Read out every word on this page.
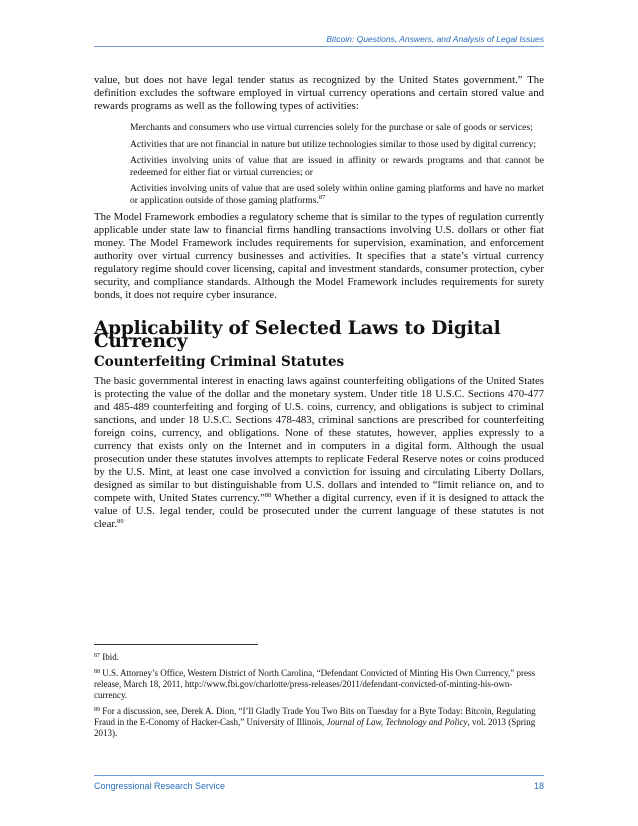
Bitcoin: Questions, Answers, and Analysis of Legal Issues

value, but does not have legal tender status as recognized by the United States government.” The definition excludes the software employed in virtual currency operations and certain stored value and rewards programs as well as the following types of activities:

Merchants and consumers who use virtual currencies solely for the purchase or sale of goods or services;
Activities that are not financial in nature but utilize technologies similar to those used by digital currency;
Activities involving units of value that are issued in affinity or rewards programs and that cannot be redeemed for either fiat or virtual currencies; or
Activities involving units of value that are used solely within online gaming platforms and have no market or application outside of those gaming platforms.$^{87}$

The Model Framework embodies a regulatory scheme that is similar to the types of regulation currently applicable under state law to financial firms handling transactions involving U.S. dollars or other fiat money. The Model Framework includes requirements for supervision, examination, and enforcement authority over virtual currency businesses and activities. It specifies that a state’s virtual currency regulatory regime should cover licensing, capital and investment standards, consumer protection, cyber security, and compliance standards. Although the Model Framework includes requirements for surety bonds, it does not require cyber insurance.

Applicability of Selected Laws to Digital Currency
Counterfeiting Criminal Statutes

The basic governmental interest in enacting laws against counterfeiting obligations of the United States is protecting the value of the dollar and the monetary system. Under title 18 U.S.C. Sections 470-477 and 485-489 counterfeiting and forging of U.S. coins, currency, and obligations is subject to criminal sanctions, and under 18 U.S.C. Sections 478-483, criminal sanctions are prescribed for counterfeiting foreign coins, currency, and obligations. None of these statutes, however, applies expressly to a currency that exists only on the Internet and in computers in a digital form. Although the usual prosecution under these statutes involves attempts to replicate Federal Reserve notes or coins produced by the U.S. Mint, at least one case involved a conviction for issuing and circulating Liberty Dollars, designed as similar to but distinguishable from U.S. dollars and intended to “limit reliance on, and to compete with, United States currency.”$^{88}$ Whether a digital currency, even if it is designed to attack the value of U.S. legal tender, could be prosecuted under the current language of these statutes is not clear.$^{89}$

$^{87}$ Ibid.
$^{88}$ U.S. Attorney’s Office, Western District of North Carolina, “Defendant Convicted of Minting His Own Currency,” press release, March 18, 2011, http://www.fbi.gov/charlotte/press-releases/2011/defendant-convicted-of-minting-his-own-currency.
$^{89}$ For a discussion, see, Derek A. Dion, “I’ll Gladly Trade You Two Bits on Tuesday for a Byte Today: Bitcoin, Regulating Fraud in the E-Conomy of Hacker-Cash,” University of Illinois, Journal of Law, Technology and Policy, vol. 2013 (Spring 2013).
Congressional Research Service	18
